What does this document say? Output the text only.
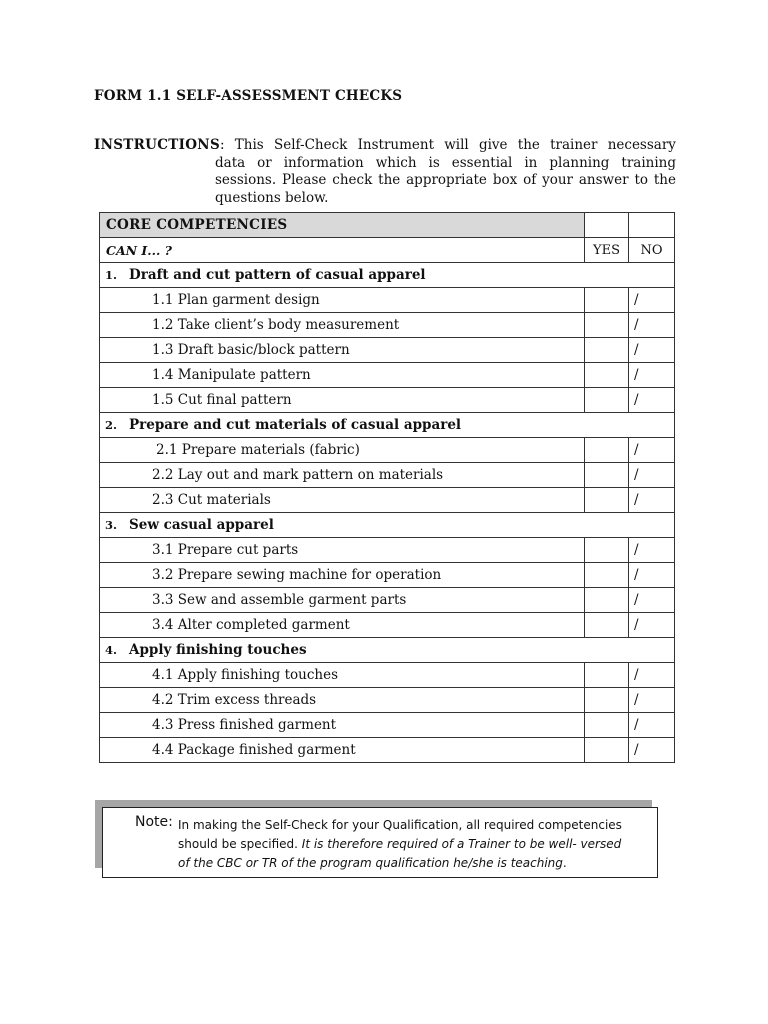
FORM 1.1 SELF-ASSESSMENT CHECKS
INSTRUCTIONS: This Self-Check Instrument will give the trainer necessary
data or information which is essential in planning training sessions. Please check the appropriate box of your answer to the questions below.
CORE COMPETENCIES		
CAN I... ?	YES	NO
1. Draft and cut pattern of casual apparel		
1.1 Plan garment design		/
1.2 Take client’s body measurement		/
1.3 Draft basic/block pattern		/
1.4 Manipulate pattern		/
1.5 Cut final pattern		/
2. Prepare and cut materials of casual apparel		
2.1 Prepare materials (fabric)		/
2.2 Lay out and mark pattern on materials		/
2.3 Cut materials		/
3. Sew casual apparel		
3.1 Prepare cut parts		/
3.2 Prepare sewing machine for operation		/
3.3 Sew and assemble garment parts		/
3.4 Alter completed garment		/
4. Apply finishing touches		
4.1 Apply finishing touches		/
4.2 Trim excess threads		/
4.3 Press finished garment		/
4.4 Package finished garment		/
Note: In making the Self-Check for your Qualification, all required competencies
should be specified. It is therefore required of a Trainer to be well- versed
of the CBC or TR of the program qualification he/she is teaching.
